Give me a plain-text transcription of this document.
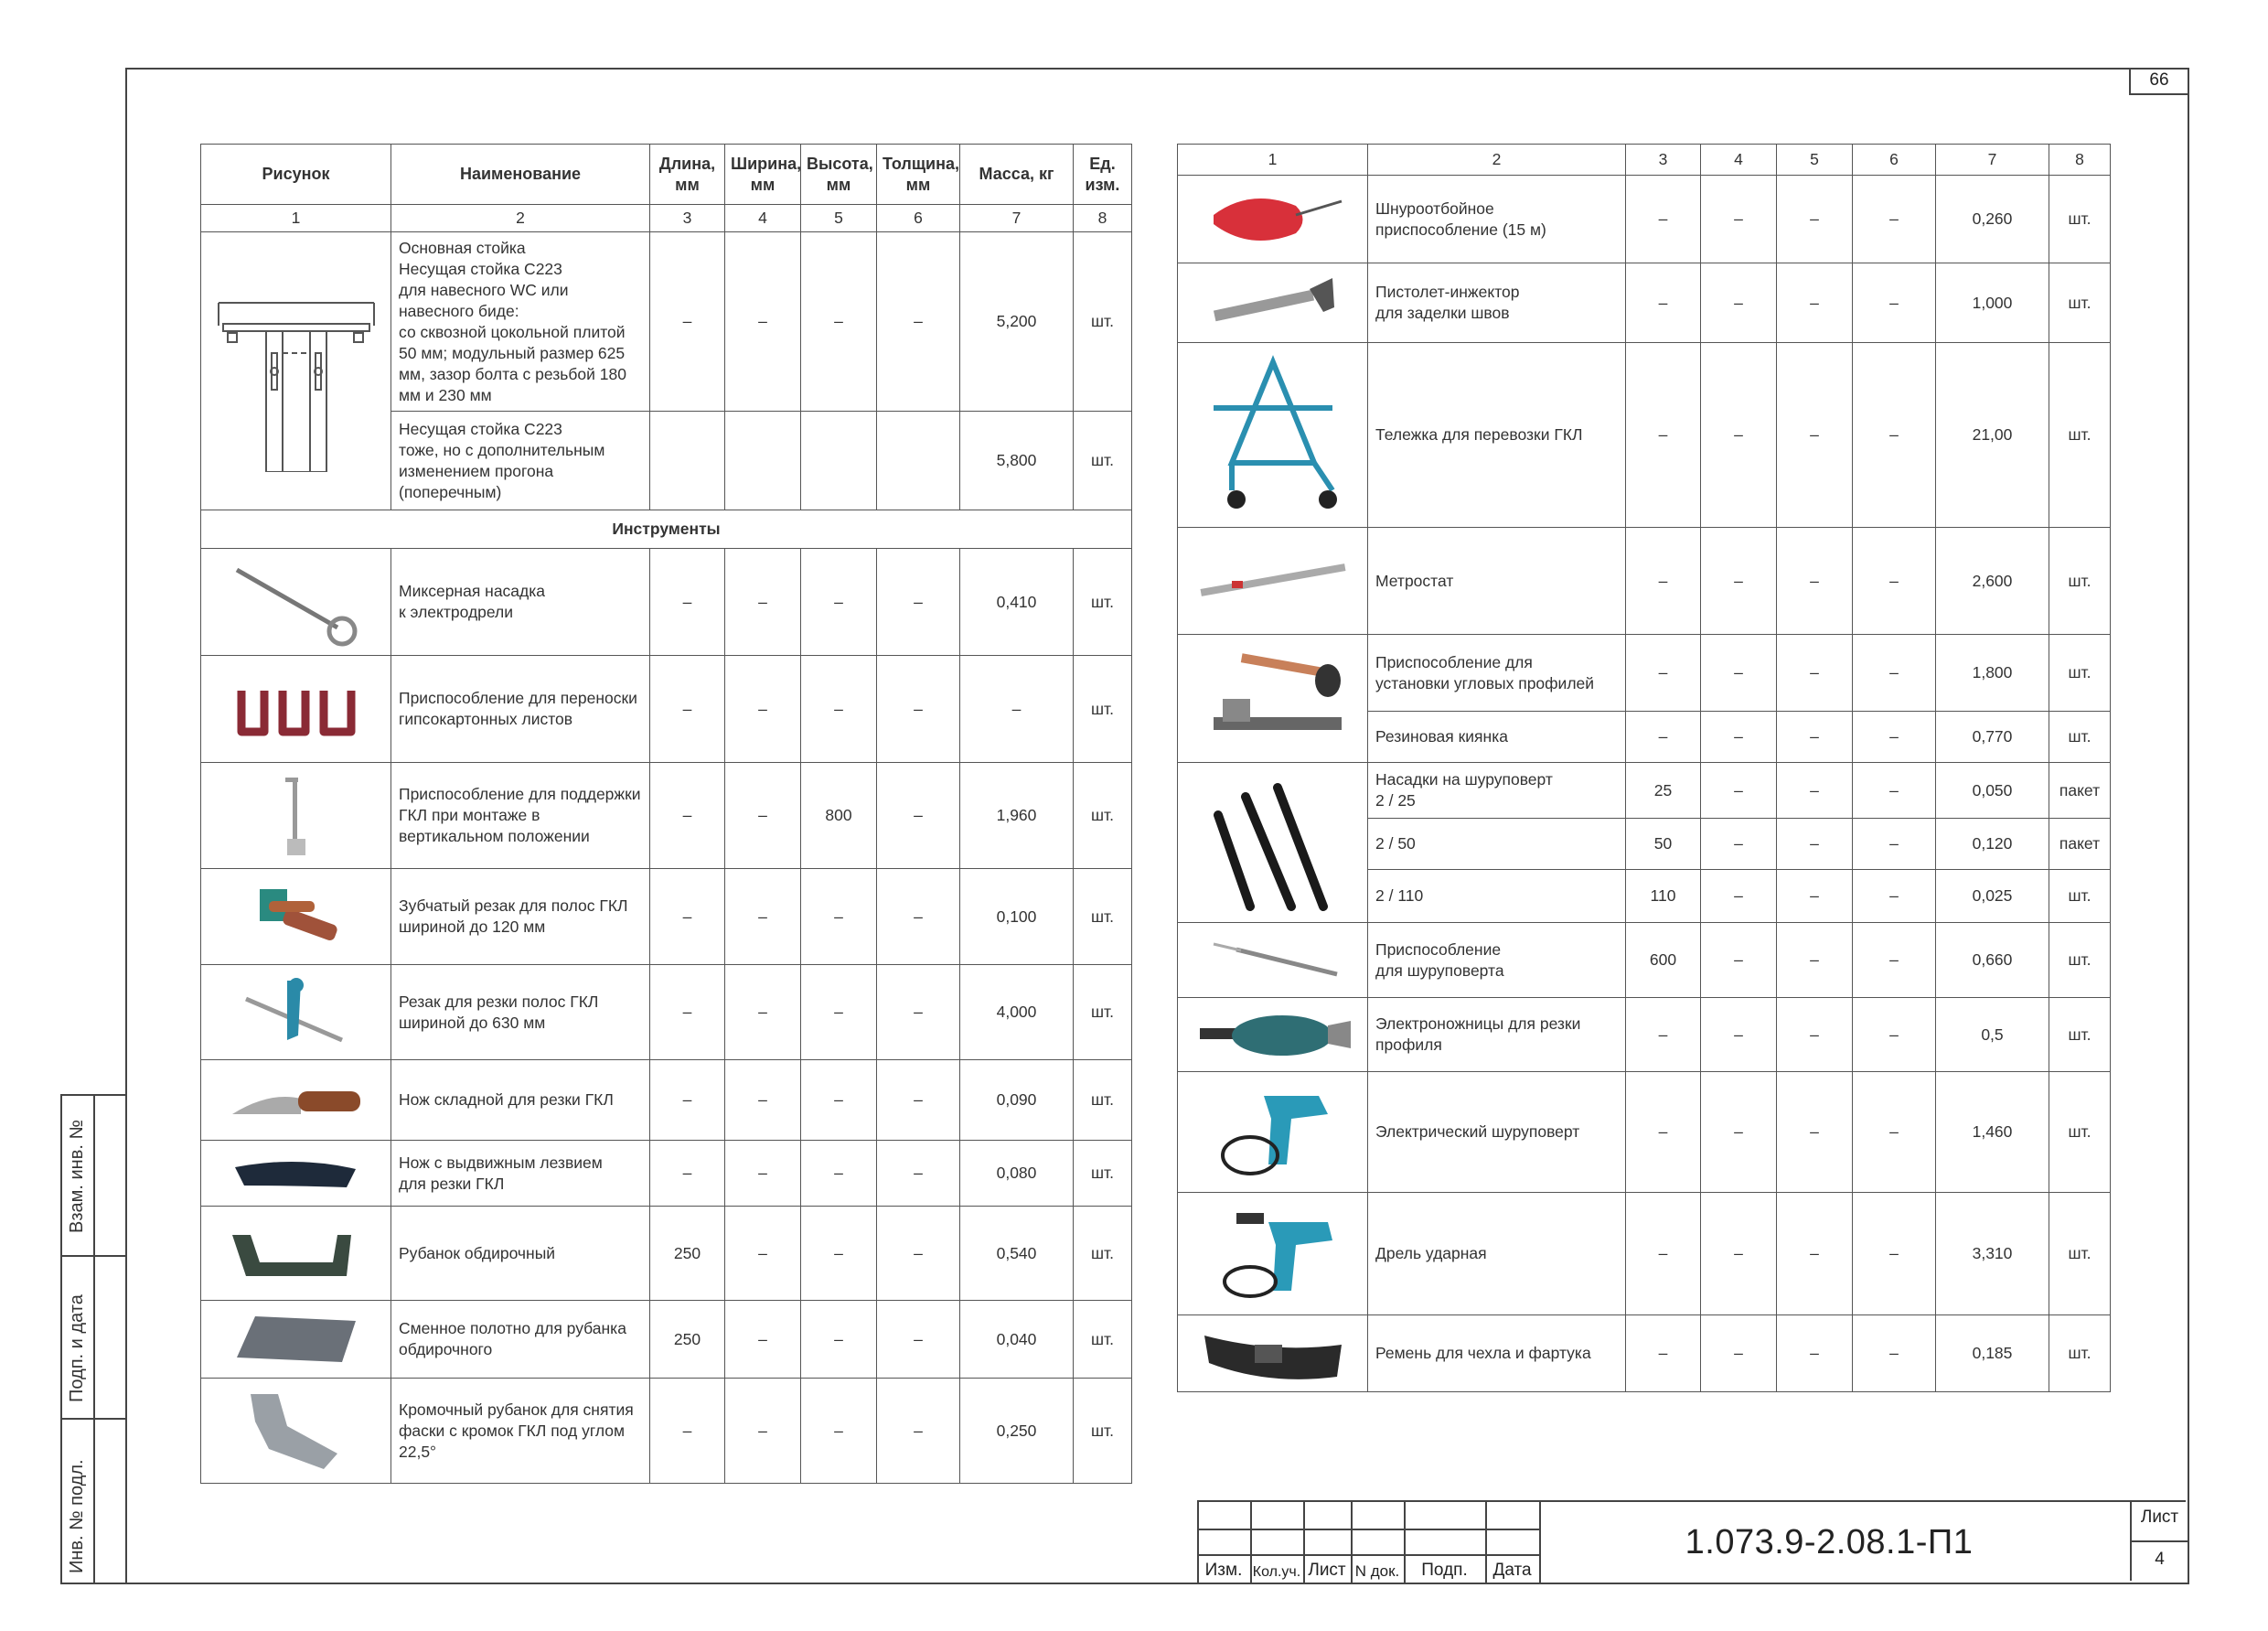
66
Взам. инв. №
Подп. и дата
Инв. № подл.
Рисунок	Наименование	Длина, мм	Ширина, мм	Высота, мм	Толщина, мм	Масса, кг	Ед. изм.
1	2	3	4	5	6	7	8

	Основная стойка
Несущая стойка C223
для навесного WC или навесного биде:
со сквозной цокольной плитой 50 мм; модульный размер 625 мм, зазор болта с резьбой 180 мм и 230 мм	–	–	–	–	5,200	шт.
	Несущая стойка C223
тоже, но с дополнительным изменением прогона (поперечным)					5,800	шт.
Инструменты							

	Миксерная насадка
к электродрели	–	–	–	–	0,410	шт.

	Приспособление для переноски гипсокартонных листов	–	–	–	–	–	шт.

	Приспособление для поддержки ГКЛ при монтаже в вертикальном положении	–	–	800	–	1,960	шт.

	Зубчатый резак для полос ГКЛ шириной до 120 мм	–	–	–	–	0,100	шт.

	Резак для резки полос ГКЛ шириной до 630 мм	–	–	–	–	4,000	шт.

	Нож складной для резки ГКЛ	–	–	–	–	0,090	шт.

	Нож с выдвижным лезвием
для резки ГКЛ	–	–	–	–	0,080	шт.

	Рубанок обдирочный	250	–	–	–	0,540	шт.

	Сменное полотно для рубанка обдирочного	250	–	–	–	0,040	шт.

	Кромочный рубанок для снятия фаски с кромок ГКЛ под углом 22,5°	–	–	–	–	0,250	шт.
1	2	3	4	5	6	7	8

	Шнуроотбойное
приспособление (15 м)	–	–	–	–	0,260	шт.

	Пистолет-инжектор
для заделки швов	–	–	–	–	1,000	шт.

	Тележка для перевозки ГКЛ	–	–	–	–	21,00	шт.

	Метростат	–	–	–	–	2,600	шт.

	Приспособление для
установки угловых профилей	–	–	–	–	1,800	шт.
	Резиновая киянка	–	–	–	–	0,770	шт.

	Насадки на шуруповерт
2 / 25	25	–	–	–	0,050	пакет
	2 / 50	50	–	–	–	0,120	пакет
	2 / 110	110	–	–	–	0,025	шт.

	Приспособление
для шуруповерта	600	–	–	–	0,660	шт.

	Электроножницы для резки профиля	–	–	–	–	0,5	шт.

	Электрический шуруповерт	–	–	–	–	1,460	шт.

	Дрель ударная	–	–	–	–	3,310	шт.

	Ремень для чехла и фартука	–	–	–	–	0,185	шт.
Изм. Кол.уч. Лист N док.	Подп.	Дата
1.073.9-2.08.1-П1
Лист
4
